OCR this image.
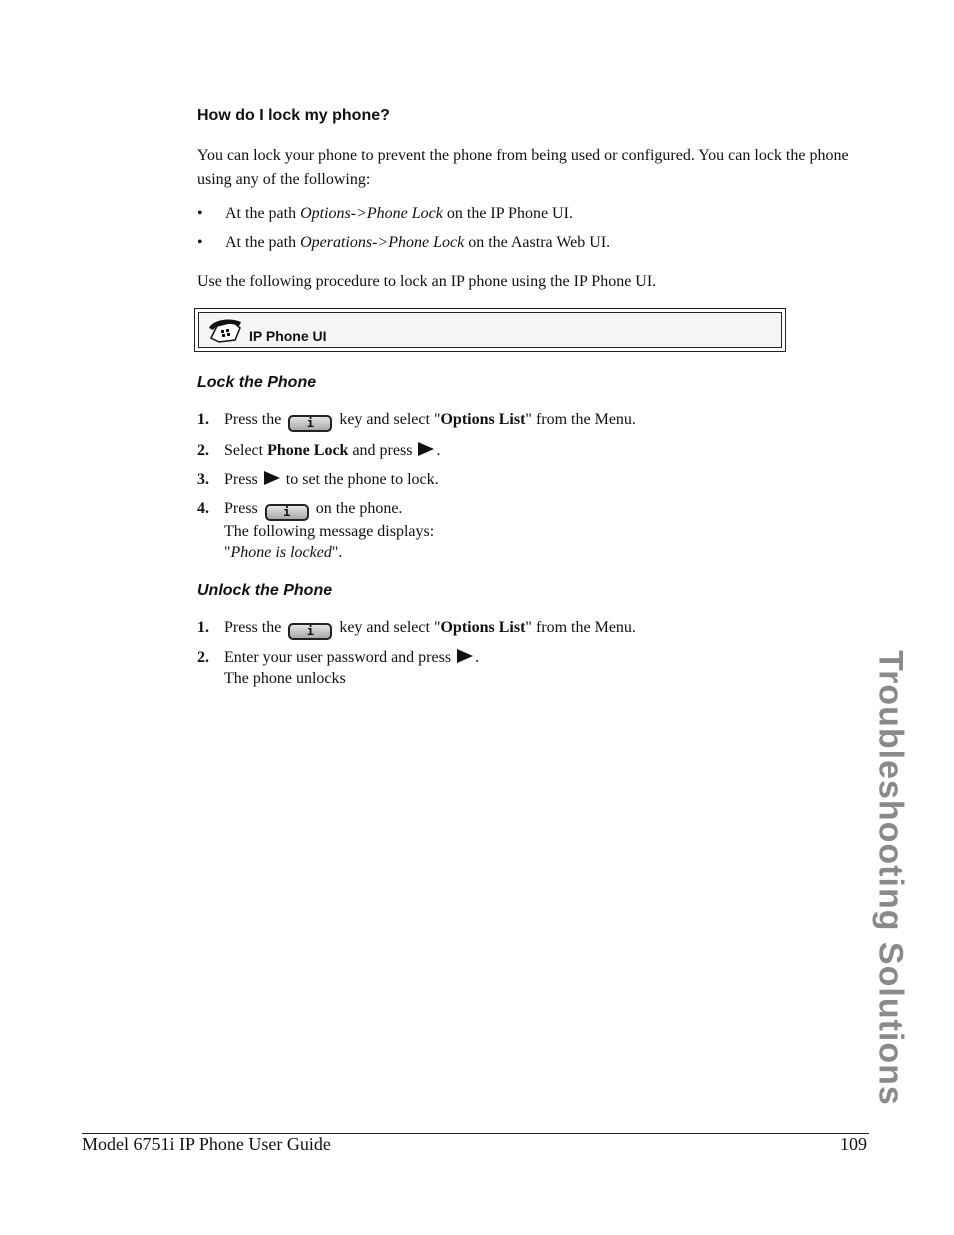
How do I lock my phone?
You can lock your phone to prevent the phone from being used or configured. You can lock the phone using any of the following:
• At the path Options->Phone Lock on the IP Phone UI.
• At the path Operations->Phone Lock on the Aastra Web UI.
Use the following procedure to lock an IP phone using the IP Phone UI.
IP Phone UI
Lock the Phone
1. Press the i key and select "Options List" from the Menu.
2. Select Phone Lock and press .
3. Press  to set the phone to lock.
4. Press i on the phone.
The following message displays:
"Phone is locked".
Unlock the Phone
1. Press the i key and select "Options List" from the Menu.
2. Enter your user password and press .
The phone unlocks	Troubleshooting Solutions
Model 6751i IP Phone User Guide	109
